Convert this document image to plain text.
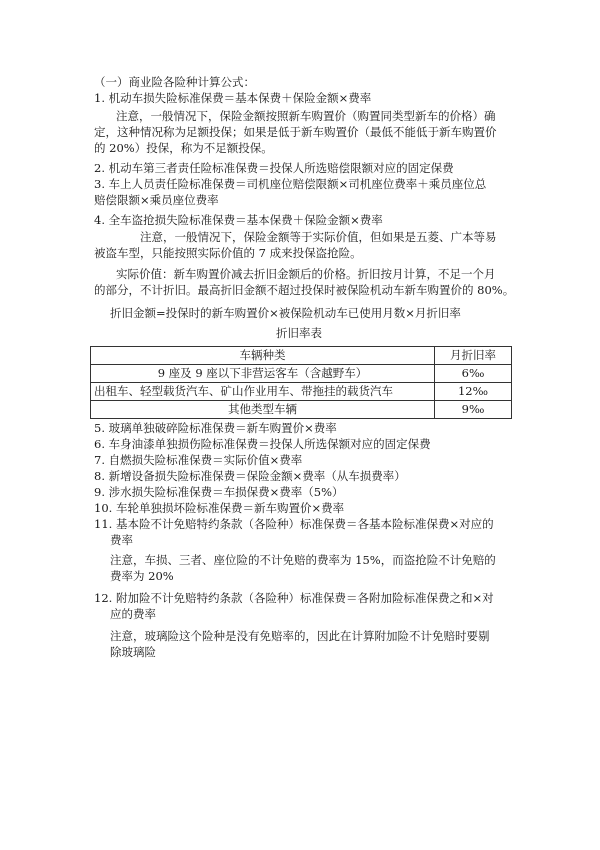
（一）商业险各险种计算公式：
1. 机动车损失险标准保费＝基本保费＋保险金额×费率
注意，一般情况下，保险金额按照新车购置价（购置同类型新车的价格）确
定，这种情况称为足额投保；如果是低于新车购置价（最低不能低于新车购置价
的 20%）投保，称为不足额投保。
2. 机动车第三者责任险标准保费＝投保人所选赔偿限额对应的固定保费
3. 车上人员责任险标准保费＝司机座位赔偿限额×司机座位费率＋乘员座位总
赔偿限额×乘员座位费率
4. 全车盗抢损失险标准保费＝基本保费＋保险金额×费率
注意，一般情况下，保险金额等于实际价值，但如果是五菱、广本等易
被盗车型，只能按照实际价值的 7 成来投保盗抢险。
实际价值：新车购置价减去折旧金额后的价格。折旧按月计算，不足一个月
的部分，不计折旧。最高折旧金额不超过投保时被保险机动车新车购置价的 80%。
折旧金额=投保时的新车购置价×被保险机动车已使用月数×月折旧率
折旧率表
车辆种类	月折旧率
9 座及 9 座以下非营运客车（含越野车）	6‰
出租车、轻型载货汽车、矿山作业用车、带拖挂的载货汽车	12‰
其他类型车辆	9‰
5. 玻璃单独破碎险标准保费＝新车购置价×费率
6. 车身油漆单独损伤险标准保费＝投保人所选保额对应的固定保费
7. 自燃损失险标准保费＝实际价值×费率
8. 新增设备损失险标准保费＝保险金额×费率（从车损费率）
9. 涉水损失险标准保费＝车损保费×费率（5%）
10. 车轮单独损坏险标准保费＝新车购置价×费率
11. 基本险不计免赔特约条款（各险种）标准保费＝各基本险标准保费×对应的
费率
注意，车损、三者、座位险的不计免赔的费率为 15%，而盗抢险不计免赔的
费率为 20%
12. 附加险不计免赔特约条款（各险种）标准保费＝各附加险标准保费之和×对
应的费率
注意，玻璃险这个险种是没有免赔率的，因此在计算附加险不计免赔时要剔
除玻璃险
